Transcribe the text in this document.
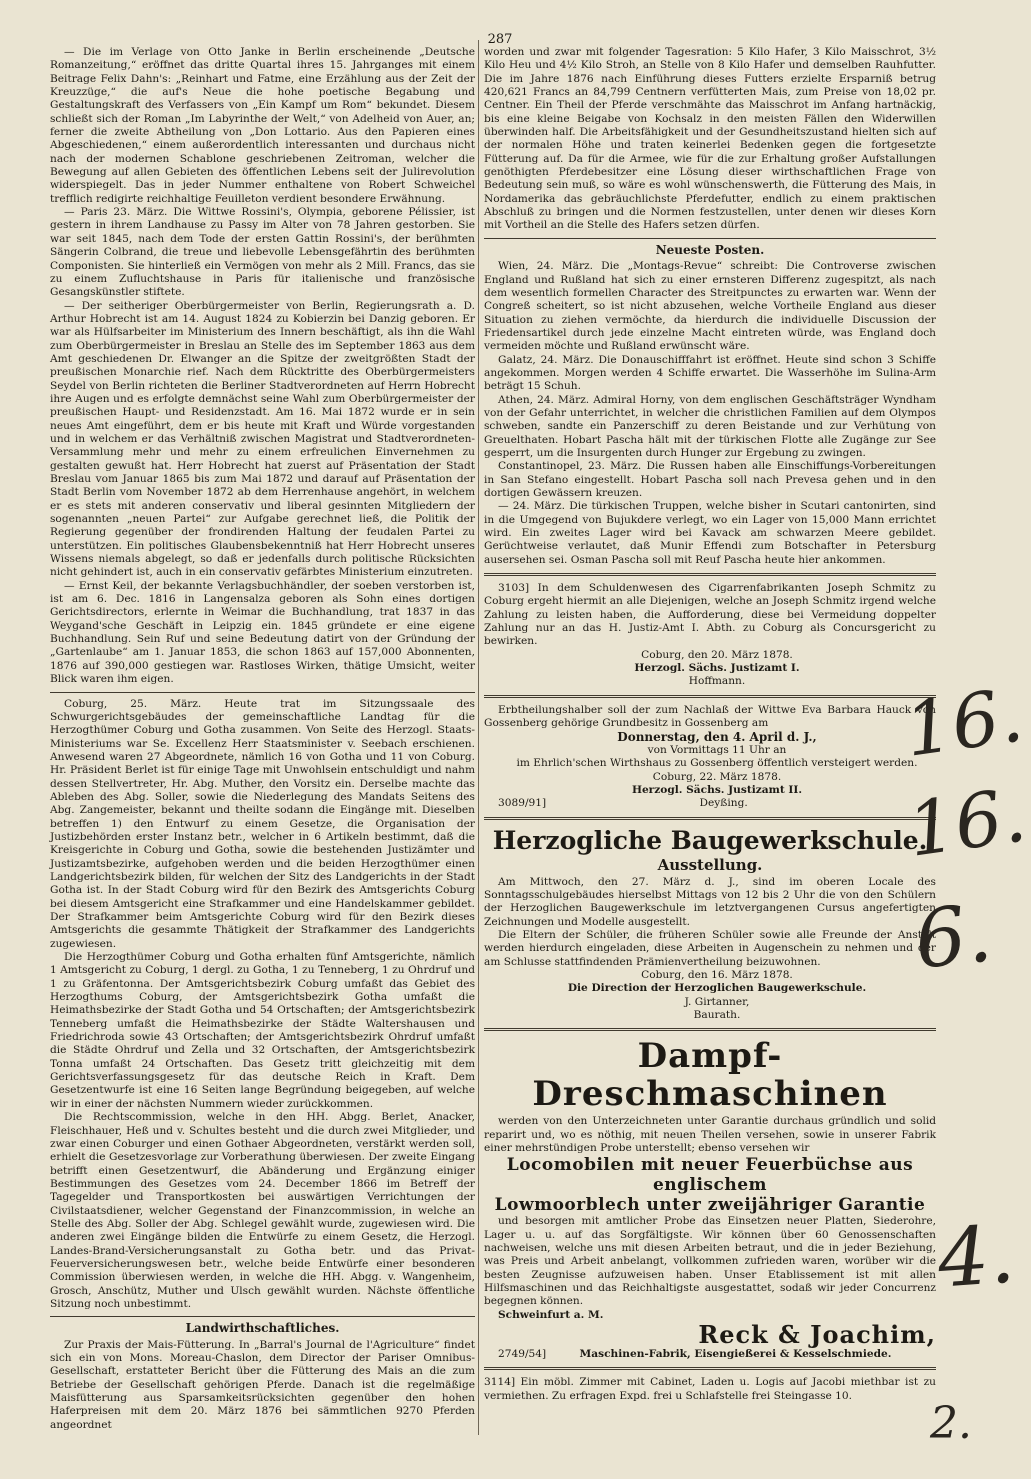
287

— Die im Verlage von Otto Janke in Berlin erscheinende „Deutsche Romanzeitung,“ eröffnet das dritte Quartal ihres 15. Jahrganges mit einem Beitrage Felix Dahn's: „Reinhart und Fatme, eine Erzählung aus der Zeit der Kreuzzüge,“ die auf's Neue die hohe poetische Begabung und Gestaltungskraft des Verfassers von „Ein Kampf um Rom“ bekundet. Diesem schließt sich der Roman „Im Labyrinthe der Welt,“ von Adelheid von Auer, an; ferner die zweite Abtheilung von „Don Lottario. Aus den Papieren eines Abgeschiedenen,“ einem außerordentlich interessanten und durchaus nicht nach der modernen Schablone geschriebenen Zeitroman, welcher die Bewegung auf allen Gebieten des öffentlichen Lebens seit der Julirevolution widerspiegelt. Das in jeder Nummer enthaltene von Robert Schweichel trefflich redigirte reichhaltige Feuilleton verdient besondere Erwähnung.

— Paris 23. März. Die Wittwe Rossini's, Olympia, geborene Pélissier, ist gestern in ihrem Landhause zu Passy im Alter von 78 Jahren gestorben. Sie war seit 1845, nach dem Tode der ersten Gattin Rossini's, der berühmten Sängerin Colbrand, die treue und liebevolle Lebensgefährtin des berühmten Componisten. Sie hinterließ ein Vermögen von mehr als 2 Mill. Francs, das sie zu einem Zufluchtshause in Paris für italienische und französische Gesangskünstler stiftete.

— Der seitheriger Oberbürgermeister von Berlin, Regierungsrath a. D. Arthur Hobrecht ist am 14. August 1824 zu Kobierzin bei Danzig geboren. Er war als Hülfsarbeiter im Ministerium des Innern beschäftigt, als ihn die Wahl zum Oberbürgermeister in Breslau an Stelle des im September 1863 aus dem Amt geschiedenen Dr. Elwanger an die Spitze der zweitgrößten Stadt der preußischen Monarchie rief. Nach dem Rücktritte des Oberbürgermeisters Seydel von Berlin richteten die Berliner Stadtverordneten auf Herrn Hobrecht ihre Augen und es erfolgte demnächst seine Wahl zum Oberbürgermeister der preußischen Haupt- und Residenzstadt. Am 16. Mai 1872 wurde er in sein neues Amt eingeführt, dem er bis heute mit Kraft und Würde vorgestanden und in welchem er das Verhältniß zwischen Magistrat und Stadtverordneten-Versammlung mehr und mehr zu einem erfreulichen Einvernehmen zu gestalten gewußt hat. Herr Hobrecht hat zuerst auf Präsentation der Stadt Breslau vom Januar 1865 bis zum Mai 1872 und darauf auf Präsentation der Stadt Berlin vom November 1872 ab dem Herrenhause angehört, in welchem er es stets mit anderen conservativ und liberal gesinnten Mitgliedern der sogenannten „neuen Partei“ zur Aufgabe gerechnet ließ, die Politik der Regierung gegenüber der frondirenden Haltung der feudalen Partei zu unterstützen. Ein politisches Glaubensbekenntniß hat Herr Hobrecht unseres Wissens niemals abgelegt, so daß er jedenfalls durch politische Rücksichten nicht gehindert ist, auch in ein conservativ gefärbtes Ministerium einzutreten.

— Ernst Keil, der bekannte Verlagsbuchhändler, der soeben verstorben ist, ist am 6. Dec. 1816 in Langensalza geboren als Sohn eines dortigen Gerichtsdirectors, erlernte in Weimar die Buchhandlung, trat 1837 in das Weygand'sche Geschäft in Leipzig ein. 1845 gründete er eine eigene Buchhandlung. Sein Ruf und seine Bedeutung datirt von der Gründung der „Gartenlaube“ am 1. Januar 1853, die schon 1863 auf 157,000 Abonnenten, 1876 auf 390,000 gestiegen war. Rastloses Wirken, thätige Umsicht, weiter Blick waren ihm eigen.

Coburg, 25. März. Heute trat im Sitzungssaale des Schwurgerichtsgebäudes der gemeinschaftliche Landtag für die Herzogthümer Coburg und Gotha zusammen. Von Seite des Herzogl. Staats-Ministeriums war Se. Excellenz Herr Staatsminister v. Seebach erschienen. Anwesend waren 27 Abgeordnete, nämlich 16 von Gotha und 11 von Coburg. Hr. Präsident Berlet ist für einige Tage mit Unwohlsein entschuldigt und nahm dessen Stellvertreter, Hr. Abg. Muther, den Vorsitz ein. Derselbe machte das Ableben des Abg. Soller, sowie die Niederlegung des Mandats Seitens des Abg. Zangemeister, bekannt und theilte sodann die Eingänge mit. Dieselben betreffen 1) den Entwurf zu einem Gesetze, die Organisation der Justizbehörden erster Instanz betr., welcher in 6 Artikeln bestimmt, daß die Kreisgerichte in Coburg und Gotha, sowie die bestehenden Justizämter und Justizamtsbezirke, aufgehoben werden und die beiden Herzogthümer einen Landgerichtsbezirk bilden, für welchen der Sitz des Landgerichts in der Stadt Gotha ist. In der Stadt Coburg wird für den Bezirk des Amtsgerichts Coburg bei diesem Amtsgericht eine Strafkammer und eine Handelskammer gebildet. Der Strafkammer beim Amtsgerichte Coburg wird für den Bezirk dieses Amtsgerichts die gesammte Thätigkeit der Strafkammer des Landgerichts zugewiesen.

Die Herzogthümer Coburg und Gotha erhalten fünf Amtsgerichte, nämlich 1 Amtsgericht zu Coburg, 1 dergl. zu Gotha, 1 zu Tenneberg, 1 zu Ohrdruf und 1 zu Gräfentonna. Der Amtsgerichtsbezirk Coburg umfaßt das Gebiet des Herzogthums Coburg, der Amtsgerichtsbezirk Gotha umfaßt die Heimathsbezirke der Stadt Gotha und 54 Ortschaften; der Amtsgerichtsbezirk Tenneberg umfaßt die Heimathsbezirke der Städte Waltershausen und Friedrichroda sowie 43 Ortschaften; der Amtsgerichtsbezirk Ohrdruf umfaßt die Städte Ohrdruf und Zella und 32 Ortschaften, der Amtsgerichtsbezirk Tonna umfaßt 24 Ortschaften. Das Gesetz tritt gleichzeitig mit dem Gerichtsverfassungsgesetz für das deutsche Reich in Kraft. Dem Gesetzentwurfe ist eine 16 Seiten lange Begründung beigegeben, auf welche wir in einer der nächsten Nummern wieder zurückkommen.

Die Rechtscommission, welche in den HH. Abgg. Berlet, Anacker, Fleischhauer, Heß und v. Schultes besteht und die durch zwei Mitglieder, und zwar einen Coburger und einen Gothaer Abgeordneten, verstärkt werden soll, erhielt die Gesetzesvorlage zur Vorberathung überwiesen. Der zweite Eingang betrifft einen Gesetzentwurf, die Abänderung und Ergänzung einiger Bestimmungen des Gesetzes vom 24. December 1866 im Betreff der Tagegelder und Transportkosten bei auswärtigen Verrichtungen der Civilstaatsdiener, welcher Gegenstand der Finanzcommission, in welche an Stelle des Abg. Soller der Abg. Schlegel gewählt wurde, zugewiesen wird. Die anderen zwei Eingänge bilden die Entwürfe zu einem Gesetz, die Herzogl. Landes-Brand-Versicherungsanstalt zu Gotha betr. und das Privat-Feuerversicherungswesen betr., welche beide Entwürfe einer besonderen Commission überwiesen werden, in welche die HH. Abgg. v. Wangenheim, Grosch, Anschütz, Muther und Ulsch gewählt wurden. Nächste öffentliche Sitzung noch unbestimmt.

Landwirthschaftliches.

Zur Praxis der Mais-Fütterung. In „Barral's Journal de l'Agriculture“ findet sich ein von Mons. Moreau-Chaslon, dem Director der Pariser Omnibus-Gesellschaft, erstatteter Bericht über die Fütterung des Mais an die zum Betriebe der Gesellschaft gehörigen Pferde. Danach ist die regelmäßige Maisfütterung aus Sparsamkeitsrücksichten gegenüber den hohen Haferpreisen mit dem 20. März 1876 bei sämmtlichen 9270 Pferden angeordnet

worden und zwar mit folgender Tagesration: 5 Kilo Hafer, 3 Kilo Maisschrot, 3½ Kilo Heu und 4½ Kilo Stroh, an Stelle von 8 Kilo Hafer und demselben Rauhfutter. Die im Jahre 1876 nach Einführung dieses Futters erzielte Ersparniß betrug 420,621 Francs an 84,799 Centnern verfütterten Mais, zum Preise von 18,02 pr. Centner. Ein Theil der Pferde verschmähte das Maisschrot im Anfang hartnäckig, bis eine kleine Beigabe von Kochsalz in den meisten Fällen den Widerwillen überwinden half. Die Arbeitsfähigkeit und der Gesundheitszustand hielten sich auf der normalen Höhe und traten keinerlei Bedenken gegen die fortgesetzte Fütterung auf. Da für die Armee, wie für die zur Erhaltung großer Aufstallungen genöthigten Pferdebesitzer eine Lösung dieser wirthschaftlichen Frage von Bedeutung sein muß, so wäre es wohl wünschenswerth, die Fütterung des Mais, in Nordamerika das gebräuchlichste Pferdefutter, endlich zu einem praktischen Abschluß zu bringen und die Normen festzustellen, unter denen wir dieses Korn mit Vortheil an die Stelle des Hafers setzen dürfen.

Neueste Posten.

Wien, 24. März. Die „Montags-Revue“ schreibt: Die Controverse zwischen England und Rußland hat sich zu einer ernsteren Differenz zugespitzt, als nach dem wesentlich formellen Character des Streitpunctes zu erwarten war. Wenn der Congreß scheitert, so ist nicht abzusehen, welche Vortheile England aus dieser Situation zu ziehen vermöchte, da hierdurch die individuelle Discussion der Friedensartikel durch jede einzelne Macht eintreten würde, was England doch vermeiden möchte und Rußland erwünscht wäre.

Galatz, 24. März. Die Donauschifffahrt ist eröffnet. Heute sind schon 3 Schiffe angekommen. Morgen werden 4 Schiffe erwartet. Die Wasserhöhe im Sulina-Arm beträgt 15 Schuh.

Athen, 24. März. Admiral Horny, von dem englischen Geschäftsträger Wyndham von der Gefahr unterrichtet, in welcher die christlichen Familien auf dem Olympos schweben, sandte ein Panzerschiff zu deren Beistande und zur Verhütung von Greuelthaten. Hobart Pascha hält mit der türkischen Flotte alle Zugänge zur See gesperrt, um die Insurgenten durch Hunger zur Ergebung zu zwingen.

Constantinopel, 23. März. Die Russen haben alle Einschiffungs-Vorbereitungen in San Stefano eingestellt. Hobart Pascha soll nach Prevesa gehen und in den dortigen Gewässern kreuzen.

— 24. März. Die türkischen Truppen, welche bisher in Scutari cantonirten, sind in die Umgegend von Bujukdere verlegt, wo ein Lager von 15,000 Mann errichtet wird. Ein zweites Lager wird bei Kavack am schwarzen Meere gebildet. Gerüchtweise verlautet, daß Munir Effendi zum Botschafter in Petersburg ausersehen sei. Osman Pascha soll mit Reuf Pascha heute hier ankommen.

3103] In dem Schuldenwesen des Cigarrenfabrikanten Joseph Schmitz zu Coburg ergeht hiermit an alle Diejenigen, welche an Joseph Schmitz irgend welche Zahlung zu leisten haben, die Aufforderung, diese bei Vermeidung doppelter Zahlung nur an das H. Justiz-Amt I. Abth. zu Coburg als Concursgericht zu bewirken.

Coburg, den 20. März 1878.

Herzogl. Sächs. Justizamt I.

Hoffmann.

Erbtheilungshalber soll der zum Nachlaß der Wittwe Eva Barbara Hauck von Gossenberg gehörige Grundbesitz in Gossenberg am

Donnerstag, den 4. April d. J.,

von Vormittags 11 Uhr an

im Ehrlich'schen Wirthshaus zu Gossenberg öffentlich versteigert werden.

Coburg, 22. März 1878.

Herzogl. Sächs. Justizamt II.

3089/91]	Deyßing.

Herzogliche Baugewerkschule.
Ausstellung.

Am Mittwoch, den 27. März d. J., sind im oberen Locale des Sonntagsschulgebäudes hierselbst Mittags von 12 bis 2 Uhr die von den Schülern der Herzoglichen Baugewerkschule im letztvergangenen Cursus angefertigten Zeichnungen und Modelle ausgestellt.

Die Eltern der Schüler, die früheren Schüler sowie alle Freunde der Anstalt werden hierdurch eingeladen, diese Arbeiten in Augenschein zu nehmen und der am Schlusse stattfindenden Prämienvertheilung beizuwohnen.

Coburg, den 16. März 1878.

Die Direction der Herzoglichen Baugewerkschule.

J. Girtanner,

Baurath.

Dampf-Dreschmaschinen

werden von den Unterzeichneten unter Garantie durchaus gründlich und solid reparirt und, wo es nöthig, mit neuen Theilen versehen, sowie in unserer Fabrik einer mehrstündigen Probe unterstellt; ebenso versehen wir

Locomobilen mit neuer Feuerbüchse aus englischem
Lowmoorblech unter zweijähriger Garantie

und besorgen mit amtlicher Probe das Einsetzen neuer Platten, Siederohre, Lager u. u. auf das Sorgfältigste. Wir können über 60 Genossenschaften nachweisen, welche uns mit diesen Arbeiten betraut, und die in jeder Beziehung, was Preis und Arbeit anbelangt, vollkommen zufrieden waren, worüber wir die besten Zeugnisse aufzuweisen haben. Unser Etablissement ist mit allen Hilfsmaschinen und das Reichhaltigste ausgestattet, sodaß wir jeder Concurrenz begegnen können.

Schweinfurt a. M.

Reck & Joachim,

2749/54]	Maschinen-Fabrik, Eisengießerei & Kesselschmiede.

3114] Ein möbl. Zimmer mit Cabinet, Laden u. Logis auf Jacobi miethbar ist zu vermiethen. Zu erfragen Expd. frei u Schlafstelle frei Steingasse 10.

16.
16.
6.
4.
2.
